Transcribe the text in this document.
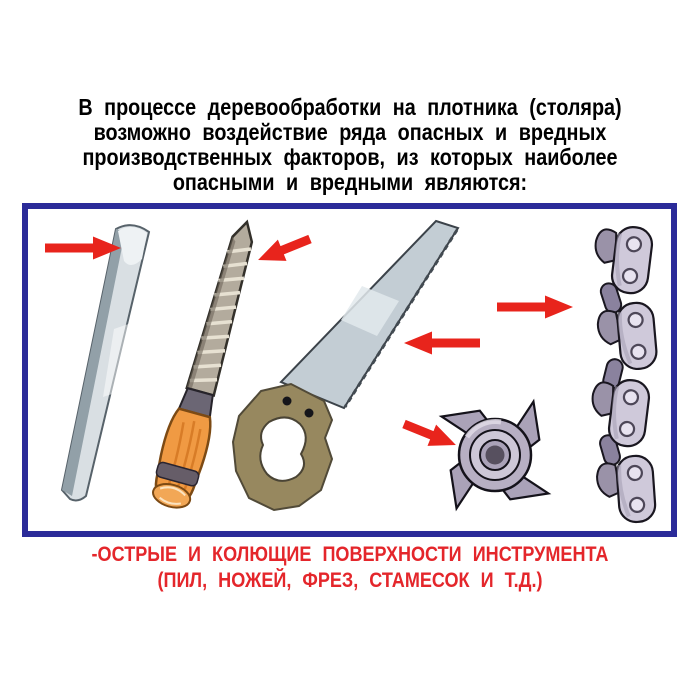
В процессе деревообработки на плотника (столяра)
возможно воздействие ряда опасных и вредных
производственных факторов, из которых наиболее
опасными и вредными являются:
-ОСТРЫЕ И КОЛЮЩИЕ ПОВЕРХНОСТИ ИНСТРУМЕНТА
(ПИЛ, НОЖЕЙ, ФРЕЗ, СТАМЕСОК И Т.Д.)
